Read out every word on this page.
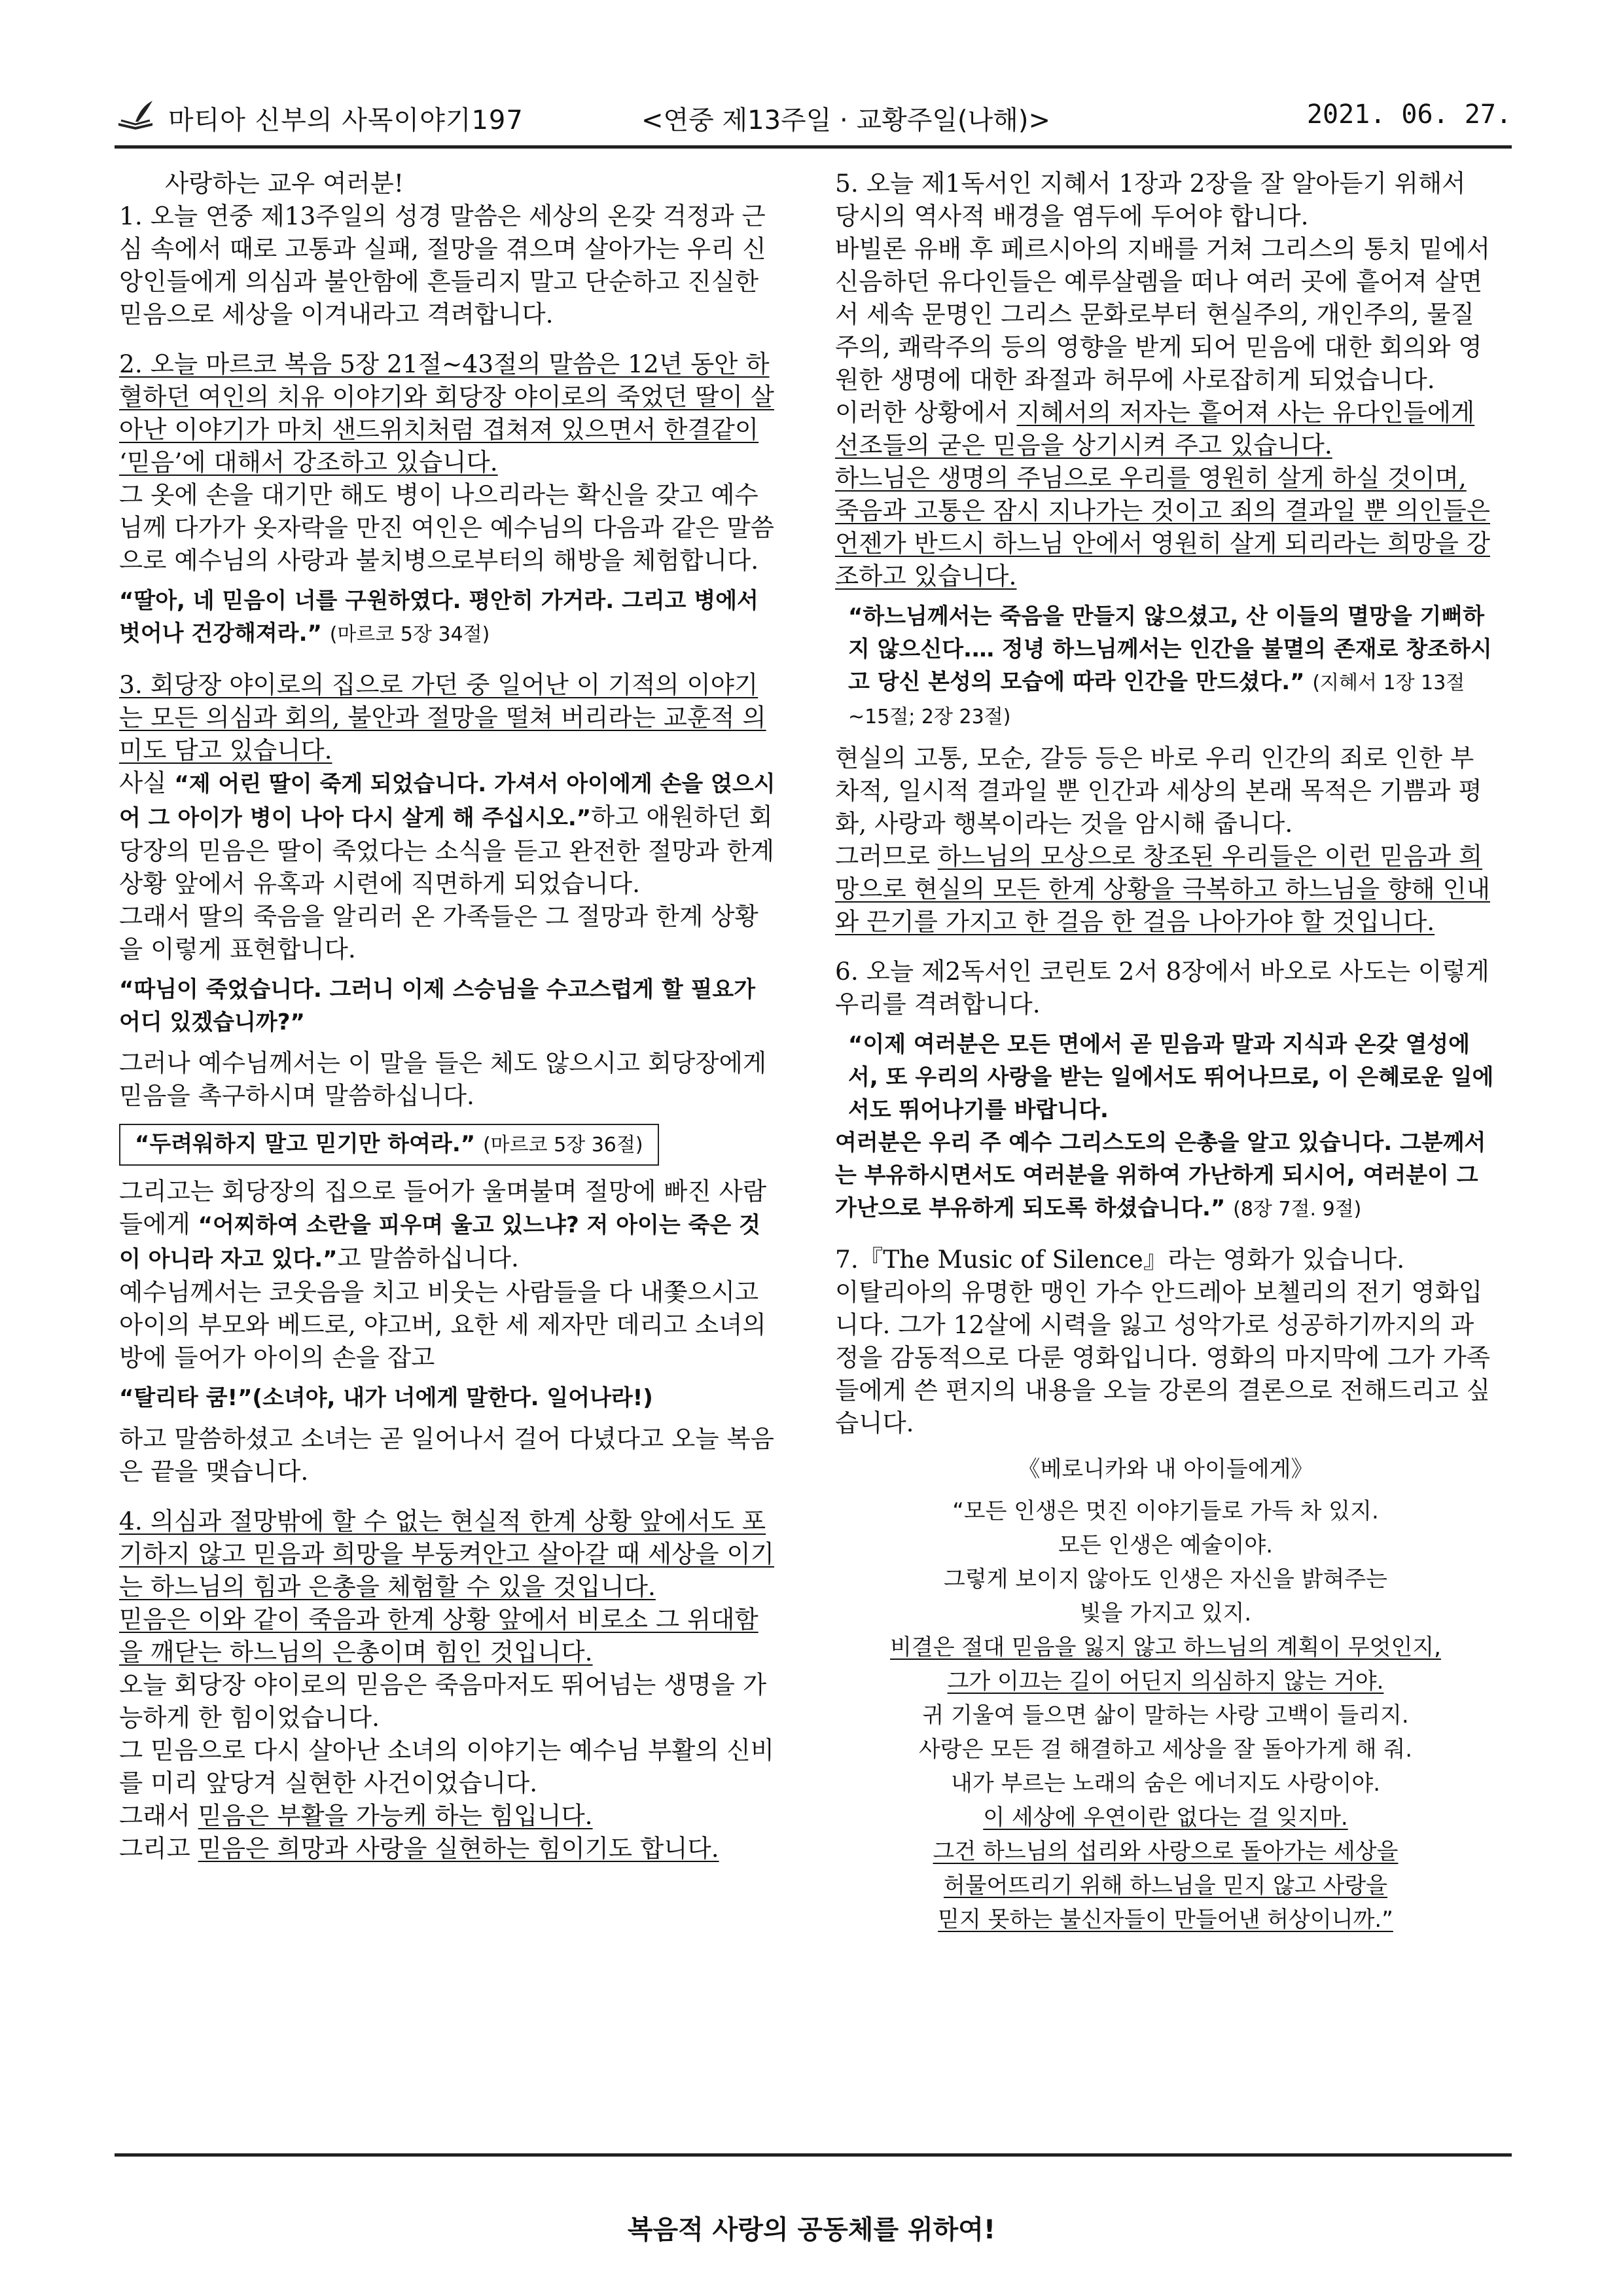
마티아 신부의 사목이야기197	<연중 제13주일 · 교황주일(나해)>	2021. 06. 27.

사랑하는 교우 여러분!

1. 오늘 연중 제13주일의 성경 말씀은 세상의 온갖 걱정과 근심 속에서 때로 고통과 실패, 절망을 겪으며 살아가는 우리 신앙인들에게 의심과 불안함에 흔들리지 말고 단순하고 진실한 믿음으로 세상을 이겨내라고 격려합니다.

2. 오늘 마르코 복음 5장 21절~43절의 말씀은 12년 동안 하혈하던 여인의 치유 이야기와 회당장 야이로의 죽었던 딸이 살아난 이야기가 마치 샌드위치처럼 겹쳐져 있으면서 한결같이 ‘믿음’에 대해서 강조하고 있습니다.

그 옷에 손을 대기만 해도 병이 나으리라는 확신을 갖고 예수님께 다가가 옷자락을 만진 여인은 예수님의 다음과 같은 말씀으로 예수님의 사랑과 불치병으로부터의 해방을 체험합니다.

“딸아, 네 믿음이 너를 구원하였다. 평안히 가거라. 그리고 병에서 벗어나 건강해져라.” (마르코 5장 34절)

3. 회당장 야이로의 집으로 가던 중 일어난 이 기적의 이야기는 모든 의심과 회의, 불안과 절망을 떨쳐 버리라는 교훈적 의미도 담고 있습니다.

사실 “제 어린 딸이 죽게 되었습니다. 가셔서 아이에게 손을 얹으시어 그 아이가 병이 나아 다시 살게 해 주십시오.”하고 애원하던 회당장의 믿음은 딸이 죽었다는 소식을 듣고 완전한 절망과 한계 상황 앞에서 유혹과 시련에 직면하게 되었습니다.

그래서 딸의 죽음을 알리러 온 가족들은 그 절망과 한계 상황을 이렇게 표현합니다.

“따님이 죽었습니다. 그러니 이제 스승님을 수고스럽게 할 필요가 어디 있겠습니까?”

그러나 예수님께서는 이 말을 들은 체도 않으시고 회당장에게 믿음을 촉구하시며 말씀하십니다.

“두려워하지 말고 믿기만 하여라.” (마르코 5장 36절)

그리고는 회당장의 집으로 들어가 울며불며 절망에 빠진 사람들에게 “어찌하여 소란을 피우며 울고 있느냐? 저 아이는 죽은 것이 아니라 자고 있다.”고 말씀하십니다.

예수님께서는 코웃음을 치고 비웃는 사람들을 다 내쫓으시고 아이의 부모와 베드로, 야고버, 요한 세 제자만 데리고 소녀의 방에 들어가 아이의 손을 잡고

“탈리타 쿰!”(소녀야, 내가 너에게 말한다. 일어나라!)

하고 말씀하셨고 소녀는 곧 일어나서 걸어 다녔다고 오늘 복음은 끝을 맺습니다.

4. 의심과 절망밖에 할 수 없는 현실적 한계 상황 앞에서도 포기하지 않고 믿음과 희망을 부둥켜안고 살아갈 때 세상을 이기는 하느님의 힘과 은총을 체험할 수 있을 것입니다.

믿음은 이와 같이 죽음과 한계 상황 앞에서 비로소 그 위대함을 깨닫는 하느님의 은총이며 힘인 것입니다.

오늘 회당장 야이로의 믿음은 죽음마저도 뛰어넘는 생명을 가능하게 한 힘이었습니다.

그 믿음으로 다시 살아난 소녀의 이야기는 예수님 부활의 신비를 미리 앞당겨 실현한 사건이었습니다.

그래서 믿음은 부활을 가능케 하는 힘입니다.

그리고 믿음은 희망과 사랑을 실현하는 힘이기도 합니다.

5. 오늘 제1독서인 지혜서 1장과 2장을 잘 알아듣기 위해서 당시의 역사적 배경을 염두에 두어야 합니다.

바빌론 유배 후 페르시아의 지배를 거쳐 그리스의 통치 밑에서 신음하던 유다인들은 예루살렘을 떠나 여러 곳에 흩어져 살면서 세속 문명인 그리스 문화로부터 현실주의, 개인주의, 물질주의, 쾌락주의 등의 영향을 받게 되어 믿음에 대한 회의와 영원한 생명에 대한 좌절과 허무에 사로잡히게 되었습니다.

이러한 상황에서 지혜서의 저자는 흩어져 사는 유다인들에게 선조들의 굳은 믿음을 상기시켜 주고 있습니다.

하느님은 생명의 주님으로 우리를 영원히 살게 하실 것이며, 죽음과 고통은 잠시 지나가는 것이고 죄의 결과일 뿐 의인들은 언젠가 반드시 하느님 안에서 영원히 살게 되리라는 희망을 강조하고 있습니다.

“하느님께서는 죽음을 만들지 않으셨고, 산 이들의 멸망을 기뻐하지 않으신다.… 정녕 하느님께서는 인간을 불멸의 존재로 창조하시고 당신 본성의 모습에 따라 인간을 만드셨다.” (지혜서 1장 13절~15절; 2장 23절)

현실의 고통, 모순, 갈등 등은 바로 우리 인간의 죄로 인한 부차적, 일시적 결과일 뿐 인간과 세상의 본래 목적은 기쁨과 평화, 사랑과 행복이라는 것을 암시해 줍니다.

그러므로 하느님의 모상으로 창조된 우리들은 이런 믿음과 희망으로 현실의 모든 한계 상황을 극복하고 하느님을 향해 인내와 끈기를 가지고 한 걸음 한 걸음 나아가야 할 것입니다.

6. 오늘 제2독서인 코린토 2서 8장에서 바오로 사도는 이렇게 우리를 격려합니다.

“이제 여러분은 모든 면에서 곧 믿음과 말과 지식과 온갖 열성에서, 또 우리의 사랑을 받는 일에서도 뛰어나므로, 이 은혜로운 일에서도 뛰어나기를 바랍니다.

여러분은 우리 주 예수 그리스도의 은총을 알고 있습니다. 그분께서는 부유하시면서도 여러분을 위하여 가난하게 되시어, 여러분이 그 가난으로 부유하게 되도록 하셨습니다.” (8장 7절. 9절)

7.『The Music of Silence』라는 영화가 있습니다.

이탈리아의 유명한 맹인 가수 안드레아 보첼리의 전기 영화입니다. 그가 12살에 시력을 잃고 성악가로 성공하기까지의 과정을 감동적으로 다룬 영화입니다. 영화의 마지막에 그가 가족들에게 쓴 편지의 내용을 오늘 강론의 결론으로 전해드리고 싶습니다.

《베로니카와 내 아이들에게》
“모든 인생은 멋진 이야기들로 가득 차 있지.
모든 인생은 예술이야.
그렇게 보이지 않아도 인생은 자신을 밝혀주는
빛을 가지고 있지.
비결은 절대 믿음을 잃지 않고 하느님의 계획이 무엇인지,
그가 이끄는 길이 어딘지 의심하지 않는 거야.
귀 기울여 들으면 삶이 말하는 사랑 고백이 들리지.
사랑은 모든 걸 해결하고 세상을 잘 돌아가게 해 줘.
내가 부르는 노래의 숨은 에너지도 사랑이야.
이 세상에 우연이란 없다는 걸 잊지마.
그건 하느님의 섭리와 사랑으로 돌아가는 세상을
허물어뜨리기 위해 하느님을 믿지 않고 사랑을
믿지 못하는 불신자들이 만들어낸 허상이니까.”
복음적 사랑의 공동체를 위하여!
